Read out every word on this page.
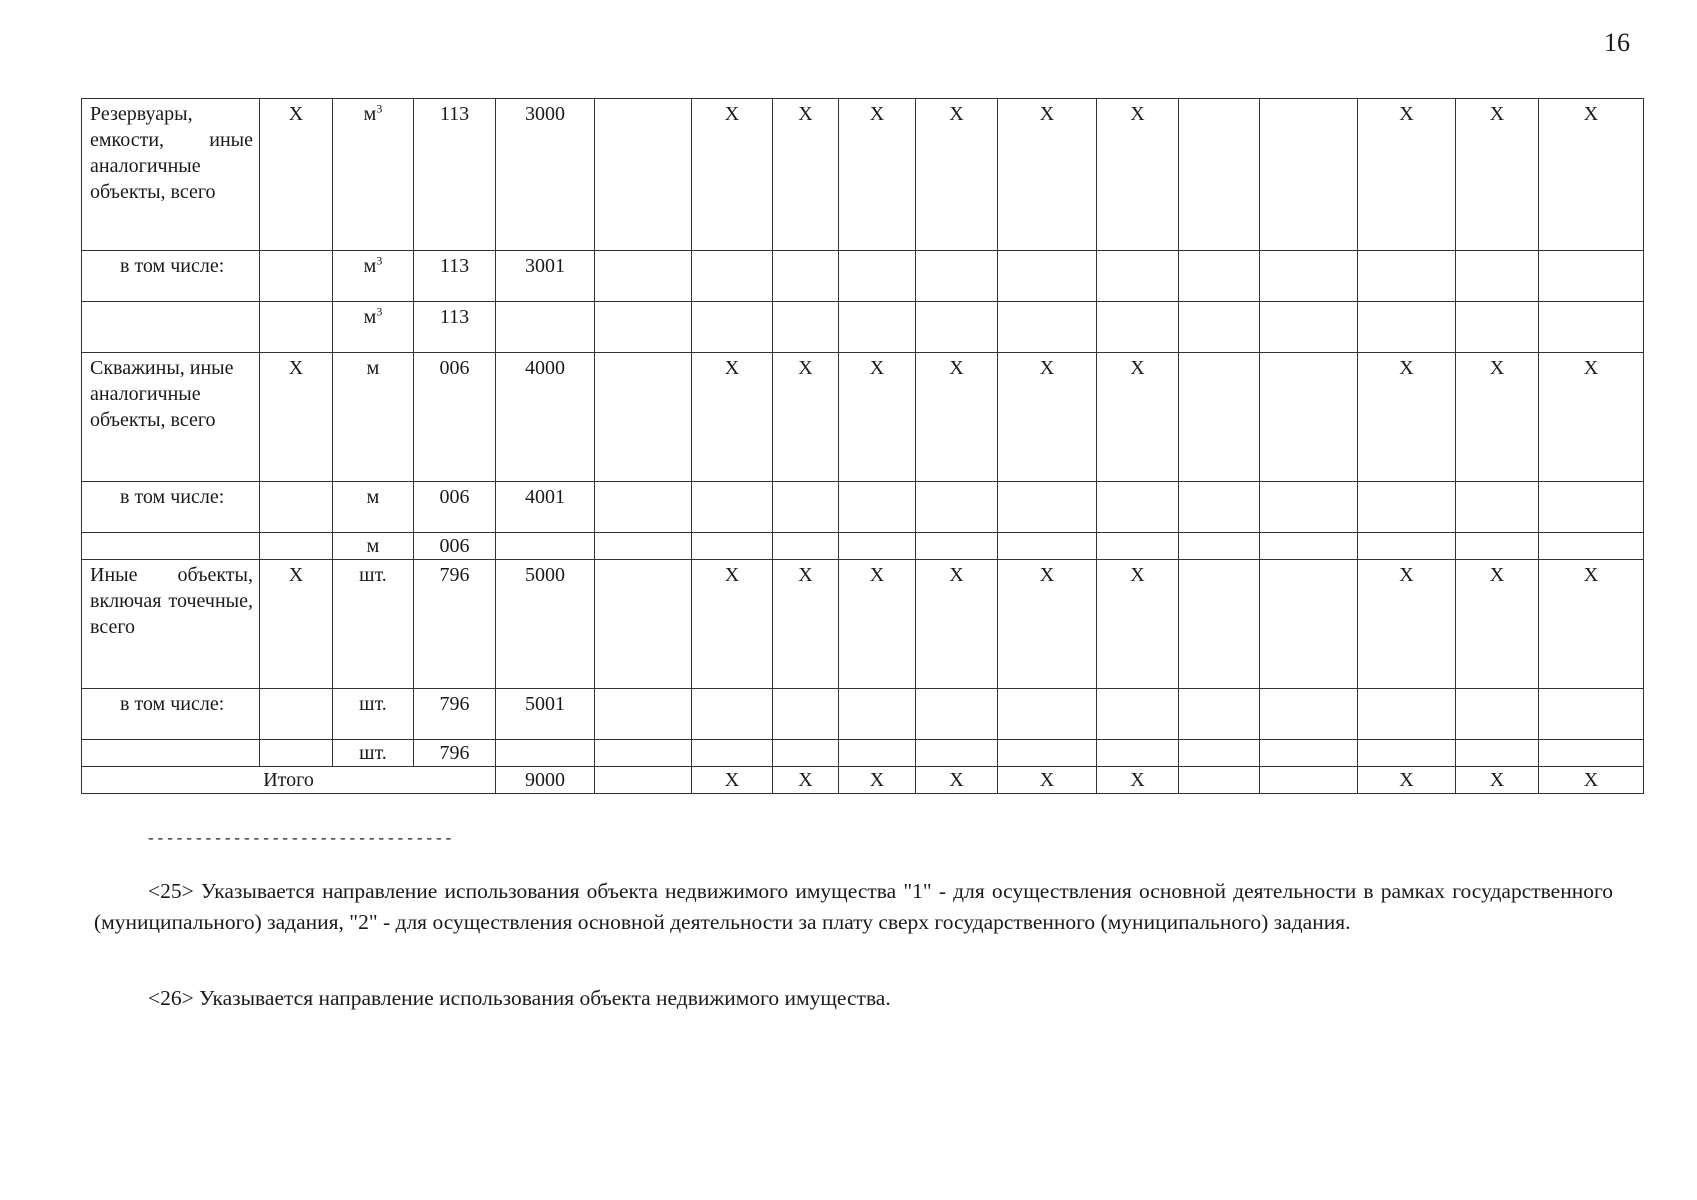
16
Резервуары, емкости, иные аналогичные объекты, всего	Х	$м^3$	113	3000		Х	Х	Х	Х	Х	Х			Х	Х	Х
в том числе:		$м^3$	113	3001												
		$м^3$	113													
Скважины, иные аналогичные объекты, всего	Х	м	006	4000		Х	Х	Х	Х	Х	Х			Х	Х	Х
в том числе:		м	006	4001												
		м	006													
Иные объекты, включая точечные, всего	Х	шт.	796	5000		Х	Х	Х	Х	Х	Х			Х	Х	Х
в том числе:		шт.	796	5001												
		шт.	796													
Итого				9000		Х	Х	Х	Х	Х	Х			Х	Х	Х
--------------------------------

<25> Указывается направление использования объекта недвижимого имущества "1" - для осуществления основной деятельности в рамках государственного (муниципального) задания, "2" - для осуществления основной деятельности за плату сверх государственного (муниципального) задания.

<26> Указывается направление использования объекта недвижимого имущества.
